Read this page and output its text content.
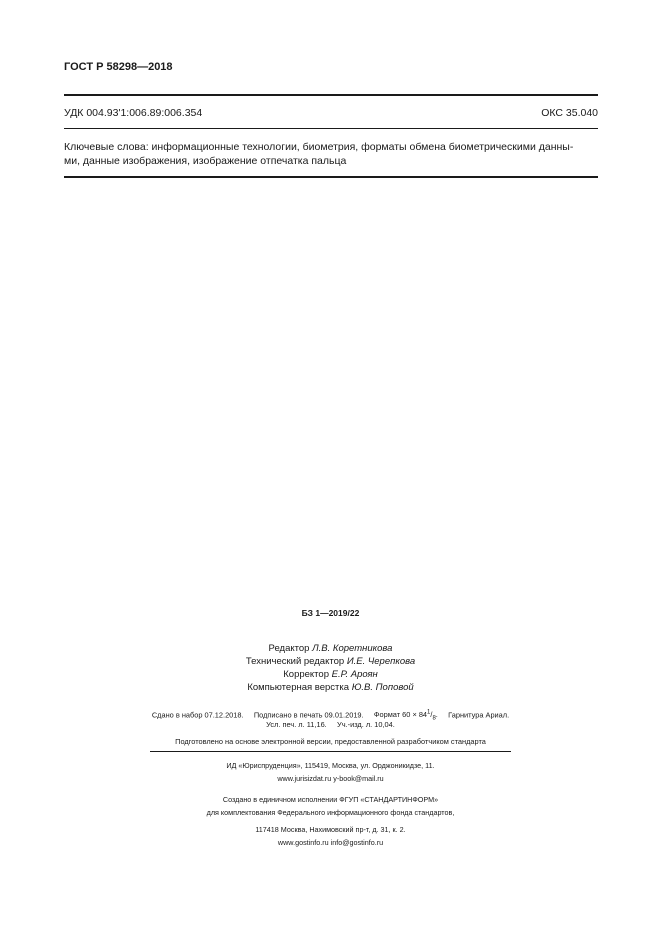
ГОСТ Р 58298—2018
УДК 004.93'1:006.89:006.354	ОКС 35.040
Ключевые слова: информационные технологии, биометрия, форматы обмена биометрическими данны-
ми, данные изображения, изображение отпечатка пальца
БЗ 1—2019/22
Редактор Л.В. Коретникова
Технический редактор И.Е. Черепкова
Корректор Е.Р. Ароян
Компьютерная верстка Ю.В. Поповой
Сдано в набор 07.12.2018. Подписано в печать 09.01.2019. Формат $60 \times 84^1/_8$. Гарнитура Ариал.
Усл. печ. л. 11,16. Уч.-изд. л. 10,04.
Подготовлено на основе электронной версии, предоставленной разработчиком стандарта
ИД «Юриспруденция», 115419, Москва, ул. Орджоникидзе, 11.
www.jurisizdat.ru y-book@mail.ru
Создано в единичном исполнении ФГУП «СТАНДАРТИНФОРМ»
для комплектования Федерального информационного фонда стандартов,
117418 Москва, Нахимовский пр-т, д. 31, к. 2.
www.gostinfo.ru info@gostinfo.ru
